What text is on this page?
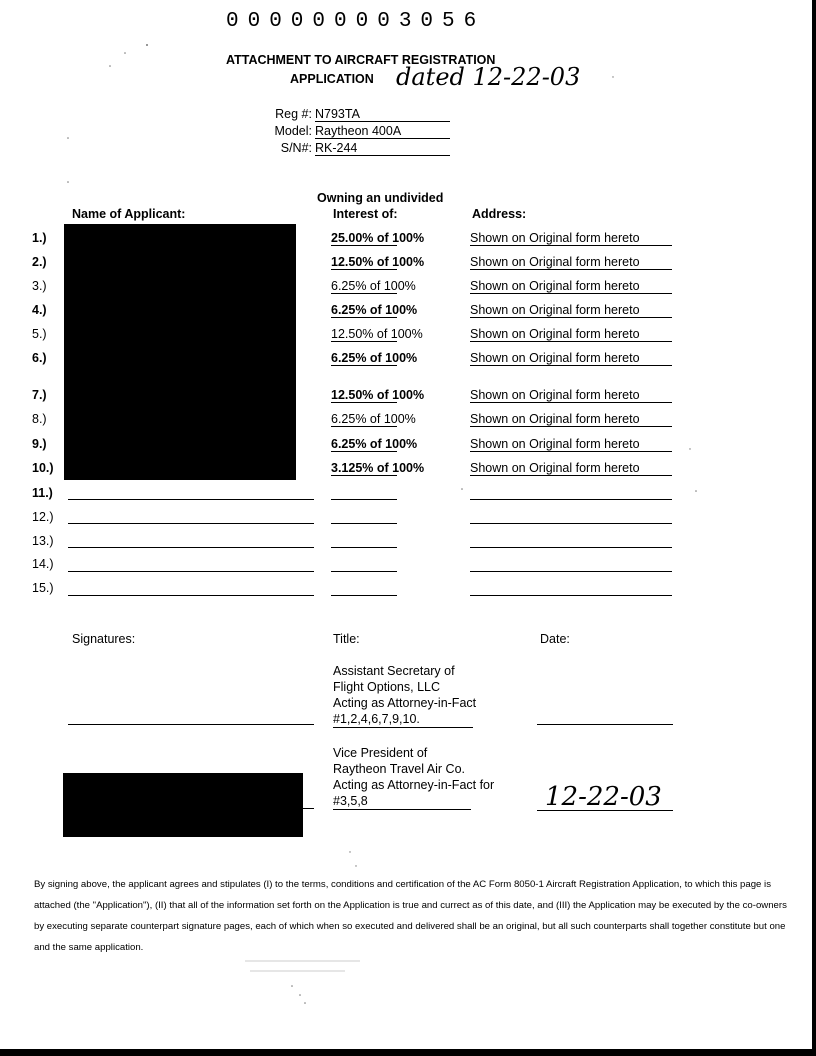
000000003056
ATTACHMENT TO AIRCRAFT REGISTRATION
APPLICATION dated 12-22-03
Reg #: N793TA
Model: Raytheon 400A
S/N#: RK-244
Name of Applicant:
Owning an undivided
Interest of:	Address:
1.)	25.00% of 100%	Shown on Original form hereto
2.)	12.50% of 100%	Shown on Original form hereto
3.)	6.25% of 100%	Shown on Original form hereto
4.)	6.25% of 100%	Shown on Original form hereto
5.)	12.50% of 100%	Shown on Original form hereto
6.)	6.25% of 100%	Shown on Original form hereto
7.)	12.50% of 100%	Shown on Original form hereto
8.)	6.25% of 100%	Shown on Original form hereto
9.)	6.25% of 100%	Shown on Original form hereto
10.)	3.125% of 100%	Shown on Original form hereto
11.)
12.)
13.)
14.)
15.)
Signatures:	Title:	Date:
Assistant Secretary of
Flight Options, LLC
Acting as Attorney-in-Fact
#1,2,4,6,7,9,10.
Vice President of
Raytheon Travel Air Co.
Acting as Attorney-in-Fact for
#3,5,8	12-22-03
By signing above, the applicant agrees and stipulates (I) to the terms, conditions and certification of the AC Form 8050-1 Aircraft Registration Application, to which this page is attached (the "Application"), (II) that all of the information set forth on the Application is true and currect as of this date, and (III) the Application may be executed by the co-owners by executing separate counterpart signature pages, each of which when so executed and delivered shall be an original, but all such counterparts shall together constitute but one and the same application.
